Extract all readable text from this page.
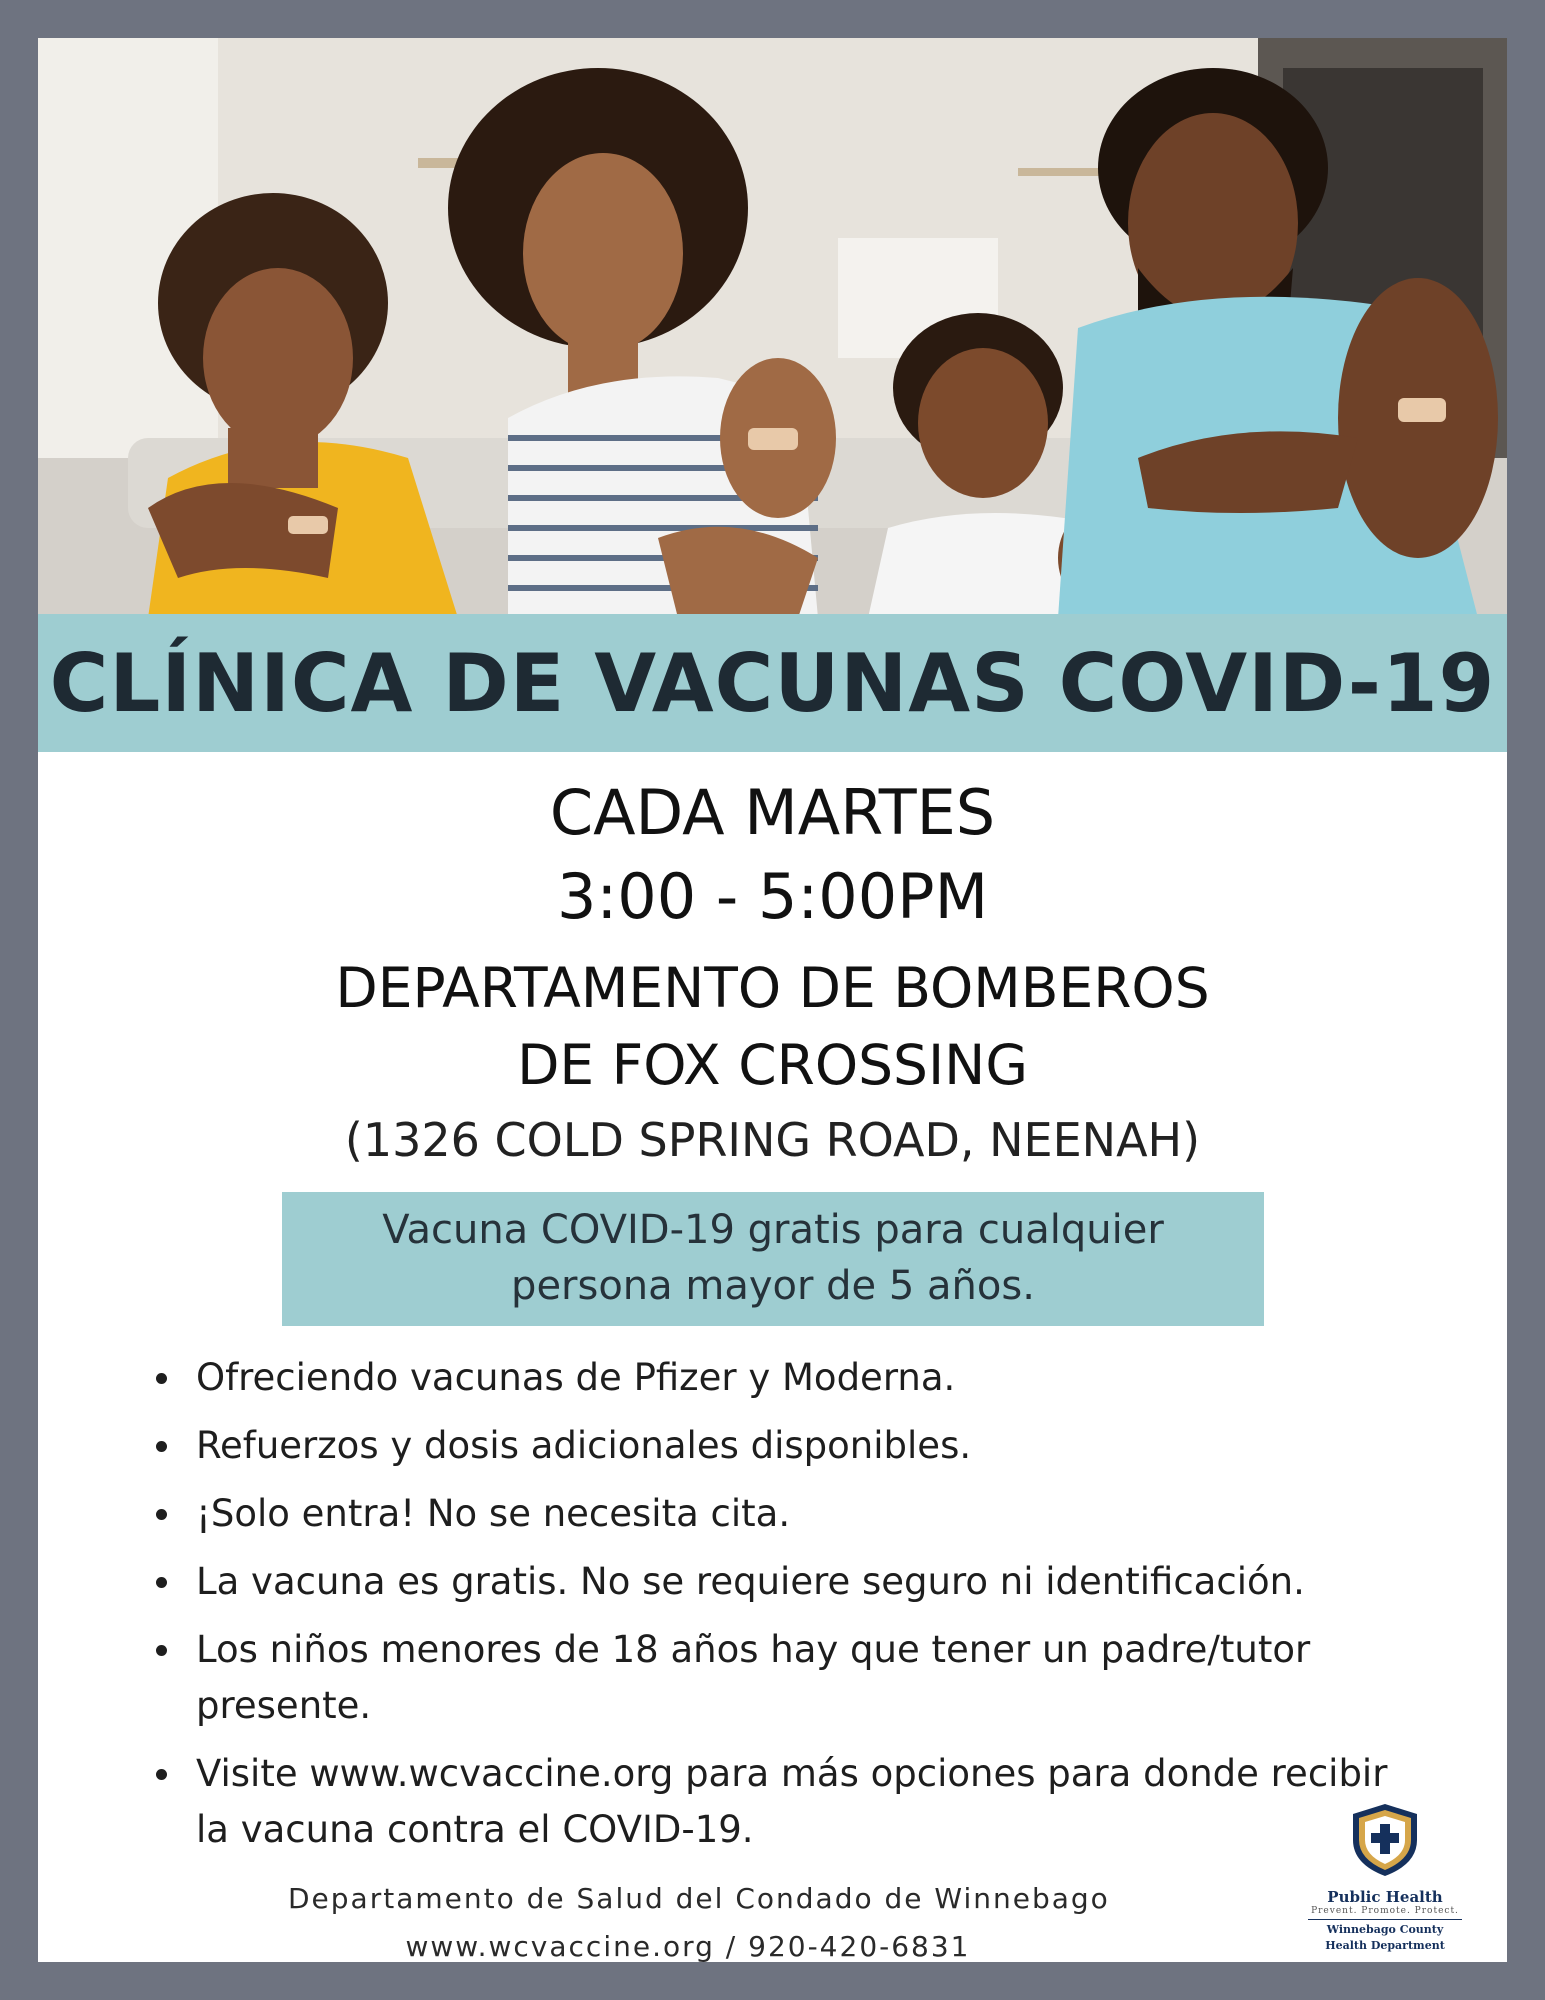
CLÍNICA DE VACUNAS COVID-19
CADA MARTES
3:00 - 5:00PM
DEPARTAMENTO DE BOMBEROS
DE FOX CROSSING
(1326 COLD SPRING ROAD, NEENAH)
Vacuna COVID-19 gratis para cualquier
persona mayor de 5 años.
Ofreciendo vacunas de Pfizer y Moderna.
Refuerzos y dosis adicionales disponibles.
¡Solo entra! No se necesita cita.
La vacuna es gratis. No se requiere seguro ni identificación.
Los niños menores de 18 años hay que tener un padre/tutor presente.
Visite www.wcvaccine.org para más opciones para donde recibir la vacuna contra el COVID-19.
Departamento de Salud del Condado de Winnebago
www.wcvaccine.org / 920-420-6831
Public Health
Prevent. Promote. Protect.
Winnebago County
Health Department
